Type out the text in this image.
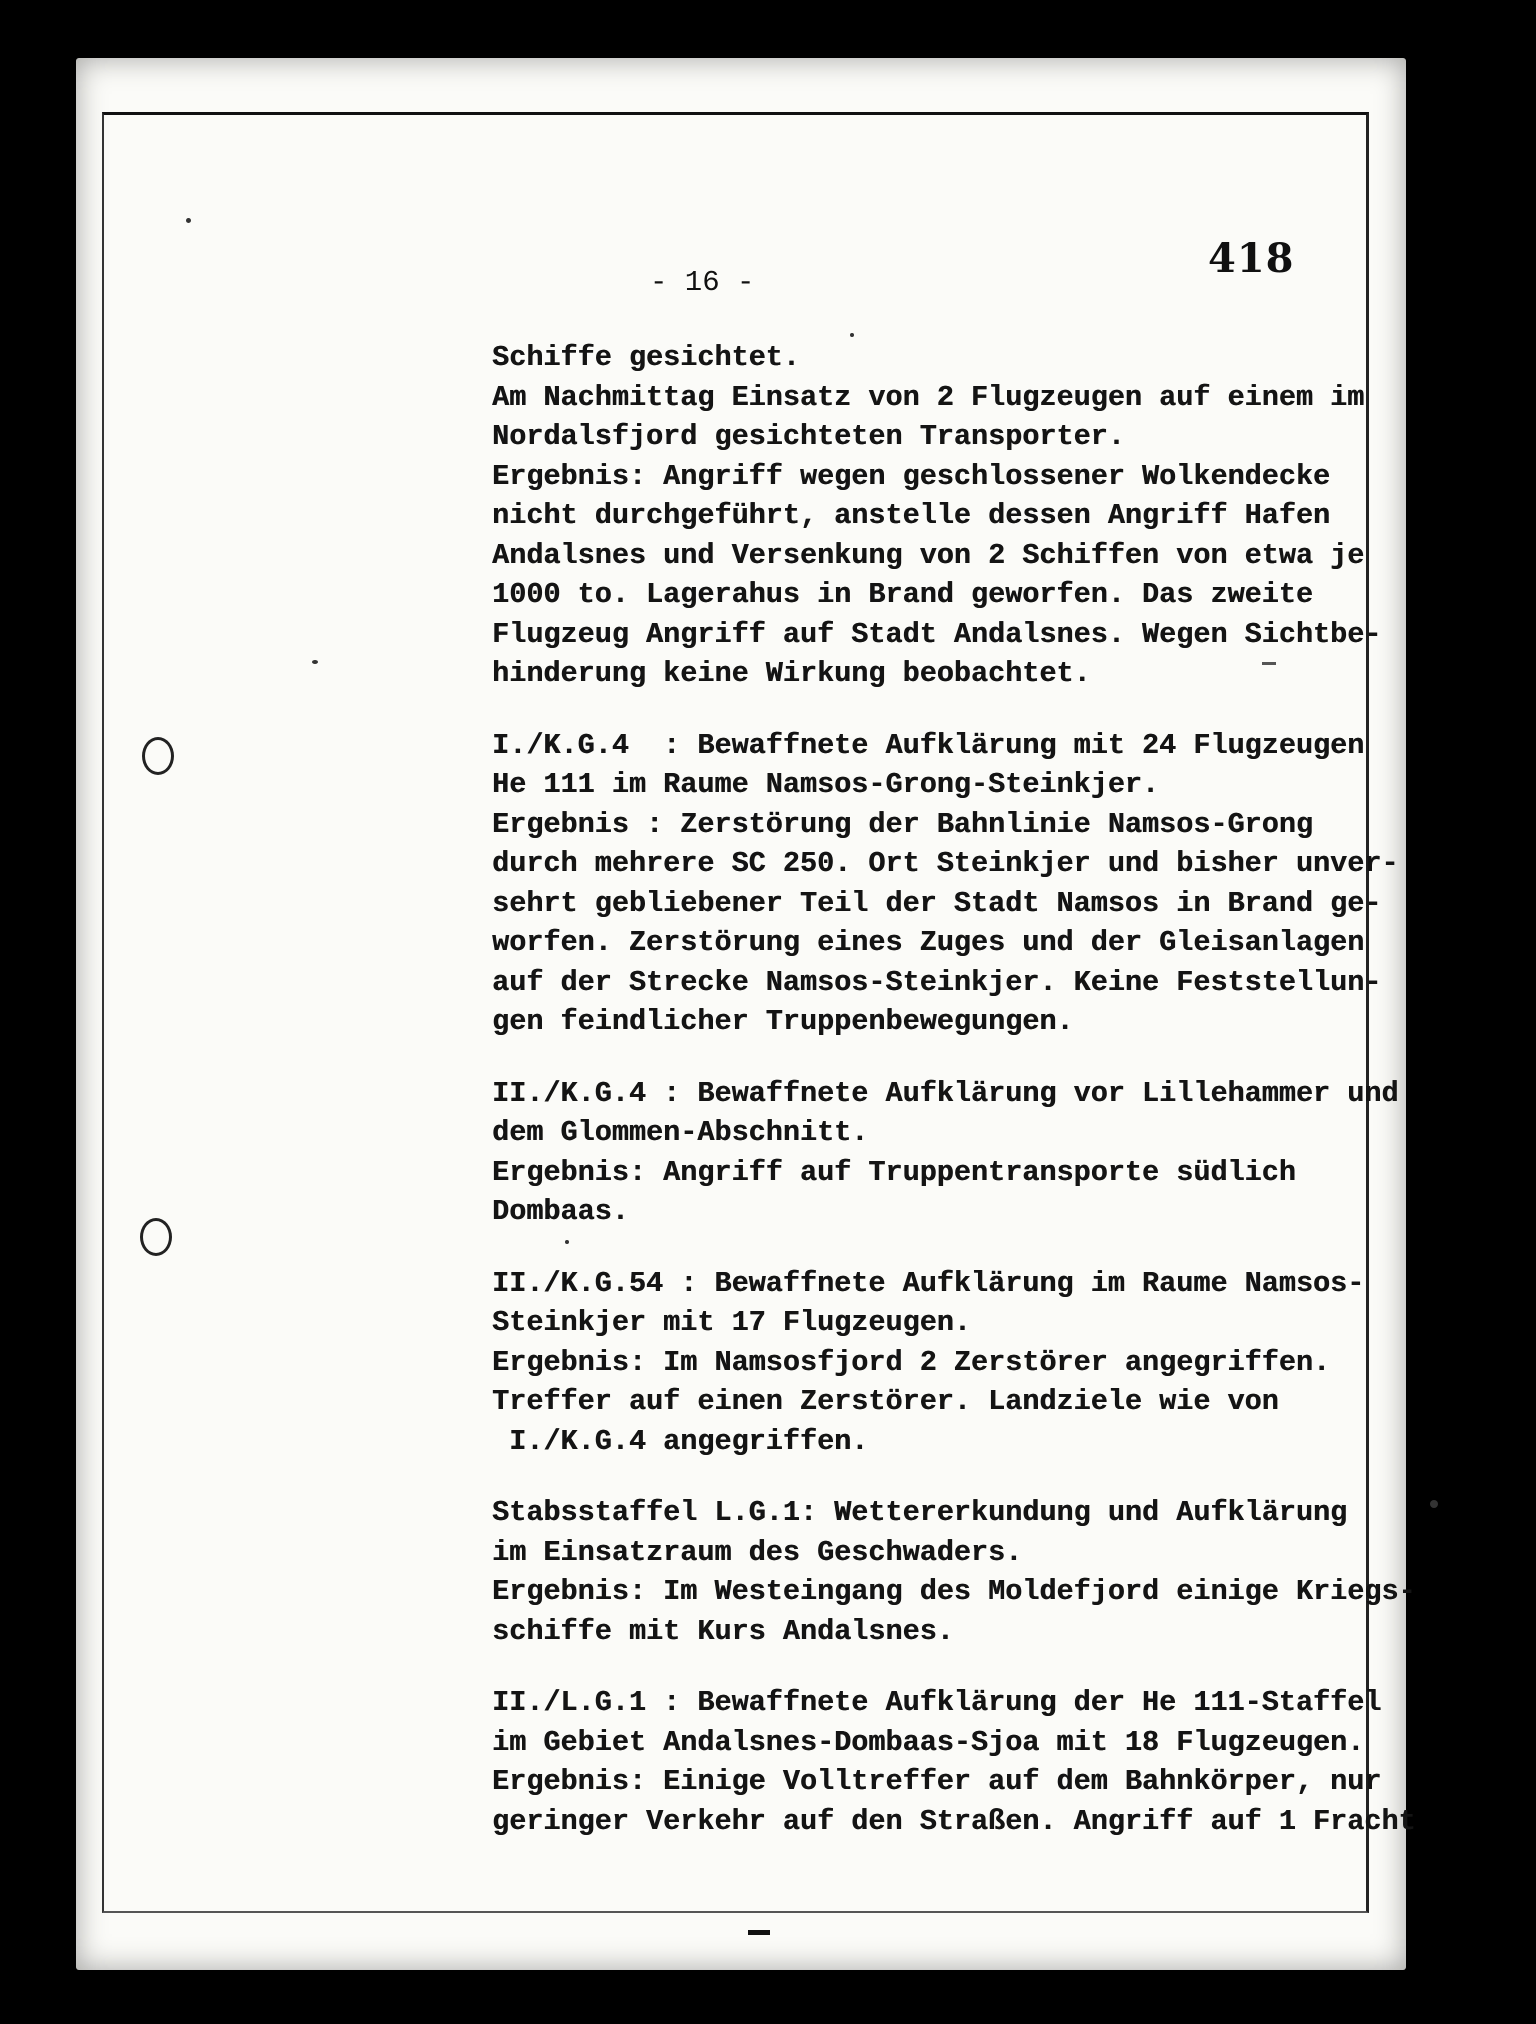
- 16 -
418
Schiffe gesichtet.
Am Nachmittag Einsatz von 2 Flugzeugen auf einem im
Nordalsfjord gesichteten Transporter.
Ergebnis: Angriff wegen geschlossener Wolkendecke
nicht durchgeführt, anstelle dessen Angriff Hafen
Andalsnes und Versenkung von 2 Schiffen von etwa je
1000 to. Lagerahus in Brand geworfen. Das zweite
Flugzeug Angriff auf Stadt Andalsnes. Wegen Sichtbe-
hinderung keine Wirkung beobachtet.
I./K.G.4  : Bewaffnete Aufklärung mit 24 Flugzeugen
He 111 im Raume Namsos-Grong-Steinkjer.
Ergebnis : Zerstörung der Bahnlinie Namsos-Grong
durch mehrere SC 250. Ort Steinkjer und bisher unver-
sehrt gebliebener Teil der Stadt Namsos in Brand ge-
worfen. Zerstörung eines Zuges und der Gleisanlagen
auf der Strecke Namsos-Steinkjer. Keine Feststellun-
gen feindlicher Truppenbewegungen.
II./K.G.4 : Bewaffnete Aufklärung vor Lillehammer und
dem Glommen-Abschnitt.
Ergebnis: Angriff auf Truppentransporte südlich
Dombaas.
II./K.G.54 : Bewaffnete Aufklärung im Raume Namsos-
Steinkjer mit 17 Flugzeugen.
Ergebnis: Im Namsosfjord 2 Zerstörer angegriffen.
Treffer auf einen Zerstörer. Landziele wie von
I./K.G.4 angegriffen.
Stabsstaffel L.G.1: Wettererkundung und Aufklärung
im Einsatzraum des Geschwaders.
Ergebnis: Im Westeingang des Moldefjord einige Kriegs-
schiffe mit Kurs Andalsnes.
II./L.G.1 : Bewaffnete Aufklärung der He 111-Staffel
im Gebiet Andalsnes-Dombaas-Sjoa mit 18 Flugzeugen.
Ergebnis: Einige Volltreffer auf dem Bahnkörper, nur
geringer Verkehr auf den Straßen. Angriff auf 1 Fracht
